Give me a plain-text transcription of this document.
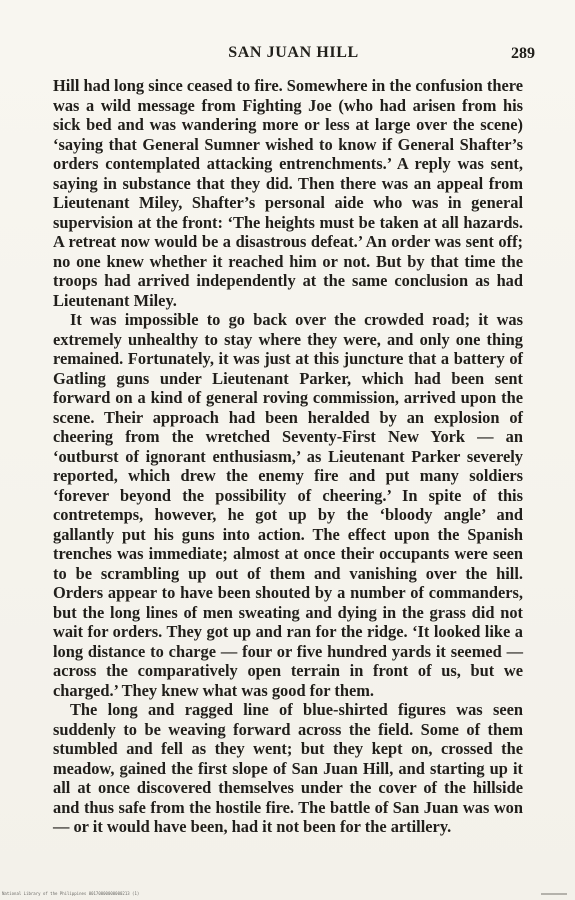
SAN JUAN HILL	289

Hill had long since ceased to fire. Somewhere in the confusion there was a wild message from Fighting Joe (who had arisen from his sick bed and was wandering more or less at large over the scene) ‘saying that General Sumner wished to know if General Shafter’s orders contemplated attacking entrenchments.’ A reply was sent, saying in substance that they did. Then there was an appeal from Lieutenant Miley, Shafter’s personal aide who was in general supervision at the front: ‘The heights must be taken at all hazards. A retreat now would be a disastrous defeat.’ An order was sent off; no one knew whether it reached him or not. But by that time the troops had arrived independently at the same conclusion as had Lieutenant Miley.

It was impossible to go back over the crowded road; it was extremely unhealthy to stay where they were, and only one thing remained. Fortunately, it was just at this juncture that a battery of Gatling guns under Lieutenant Parker, which had been sent forward on a kind of general roving commission, arrived upon the scene. Their approach had been heralded by an explosion of cheering from the wretched Seventy-First New York — an ‘outburst of ignorant enthusiasm,’ as Lieutenant Parker severely reported, which drew the enemy fire and put many soldiers ‘forever beyond the possibility of cheering.’ In spite of this contretemps, however, he got up by the ‘bloody angle’ and gallantly put his guns into action. The effect upon the Spanish trenches was immediate; almost at once their occupants were seen to be scrambling up out of them and vanishing over the hill. Orders appear to have been shouted by a number of commanders, but the long lines of men sweating and dying in the grass did not wait for orders. They got up and ran for the ridge. ‘It looked like a long distance to charge — four or five hundred yards it seemed — across the comparatively open terrain in front of us, but we charged.’ They knew what was good for them.

The long and ragged line of blue-shirted figures was seen suddenly to be weaving forward across the field. Some of them stumbled and fell as they went; but they kept on, crossed the meadow, gained the first slope of San Juan Hill, and starting up it all at once discovered themselves under the cover of the hillside and thus safe from the hostile fire. The battle of San Juan was won — or it would have been, had it not been for the artillery.

National Library of the Philippines 00170000000000213 (1)
